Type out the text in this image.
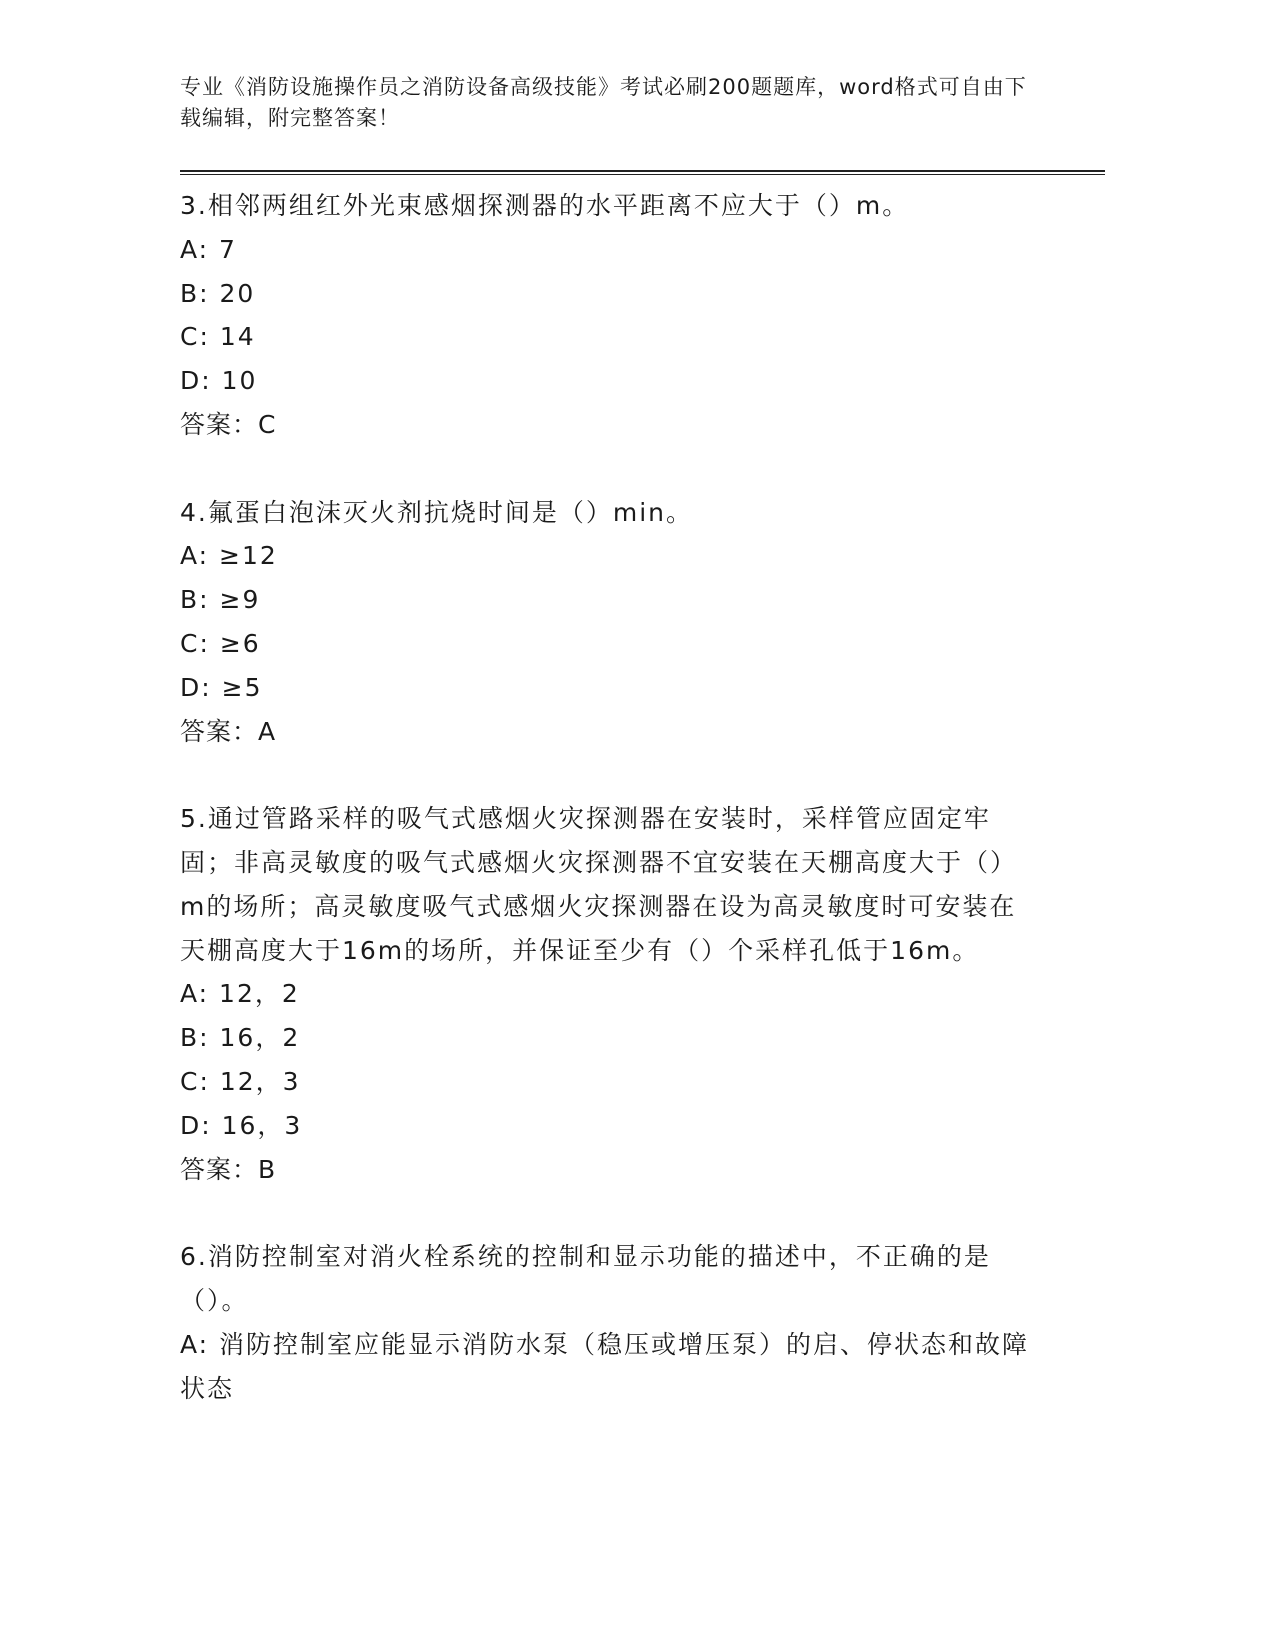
专业《消防设施操作员之消防设备高级技能》考试必刷200题题库，word格式可自由下载编辑，附完整答案！
3.相邻两组红外光束感烟探测器的水平距离不应大于（）m。
A: 7
B: 20
C: 14
D: 10
答案：C
4.氟蛋白泡沫灭火剂抗烧时间是（）min。
A: ≥12
B: ≥9
C: ≥6
D: ≥5
答案：A
5.通过管路采样的吸气式感烟火灾探测器在安装时，采样管应固定牢固；非高灵敏度的吸气式感烟火灾探测器不宜安装在天棚高度大于（）m的场所；高灵敏度吸气式感烟火灾探测器在设为高灵敏度时可安装在天棚高度大于16m的场所，并保证至少有（）个采样孔低于16m。
A: 12，2
B: 16，2
C: 12，3
D: 16，3
答案：B
6.消防控制室对消火栓系统的控制和显示功能的描述中，不正确的是（）。
A: 消防控制室应能显示消防水泵（稳压或增压泵）的启、停状态和故障状态
